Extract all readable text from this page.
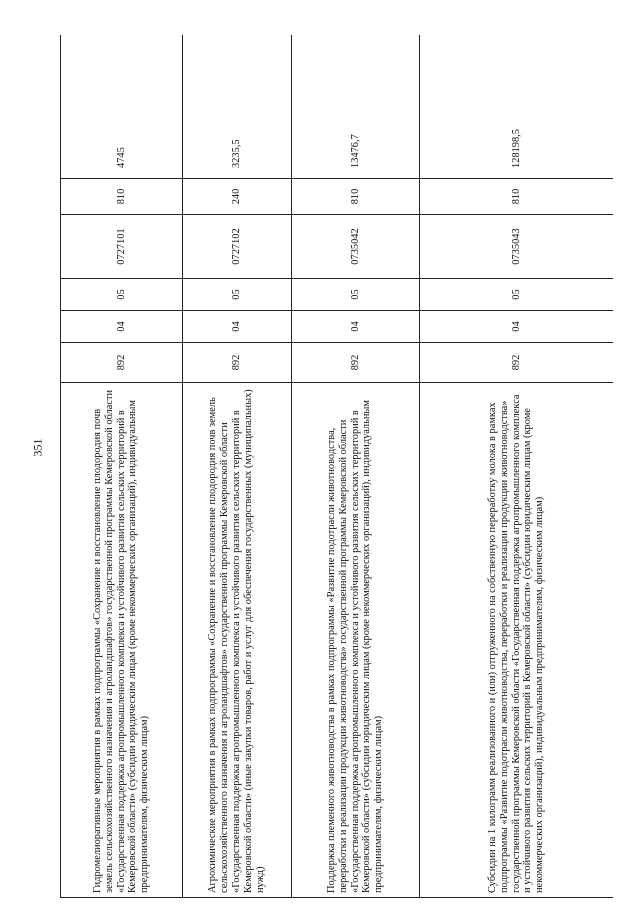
351	Гидромелиоративные мероприятия в рамках подпрограммы «Сохранение и восстановление плодородия почв земель сельскохозяйственного назначения и агроландшафтов» государственной программы Кемеровской области «Государственная поддержка агропромышленного комплекса и устойчивого развития сельских территорий в Кемеровской области» (субсидии юридическим лицам (кроме некоммерческих организаций), индивидуальным предпринимателям, физическим лицам)	892	04	05	0727101	810	4745
Агрохимические мероприятия в рамках подпрограммы «Сохранение и восстановление плодородия почв земель сельскохозяйственного назначения и агроландшафтов» государственной программы Кемеровской области «Государственная поддержка агропромышленного комплекса и устойчивого развития сельских территорий в Кемеровской области» (иные закупки товаров, работ и услуг для обеспечения государственных (муниципальных) нужд)	892	04	05	0727102	240	3235,5
Поддержка племенного животноводства в рамках подпрограммы «Развитие подотрасли животноводства, переработки и реализации продукции животноводства» государственной программы Кемеровской области «Государственная поддержка агропромышленного комплекса и устойчивого развития сельских территорий в Кемеровской области» (субсидии юридическим лицам (кроме некоммерческих организаций), индивидуальным предпринимателям, физическим лицам)	892	04	05	0735042	810	13476,7
Субсидии на 1 килограмм реализованного и (или) отгруженного на собственную переработку молока в рамках подпрограммы «Развитие подотрасли животноводства, переработки и реализации продукции животноводства» государственной программы Кемеровской области «Государственная поддержка агропромышленного комплекса и устойчивого развития сельских территорий в Кемеровской области» (субсидии юридическим лицам (кроме некоммерческих организаций), индивидуальным предпринимателям, физическим лицам)	892	04	05	0735043	810	128198,5
